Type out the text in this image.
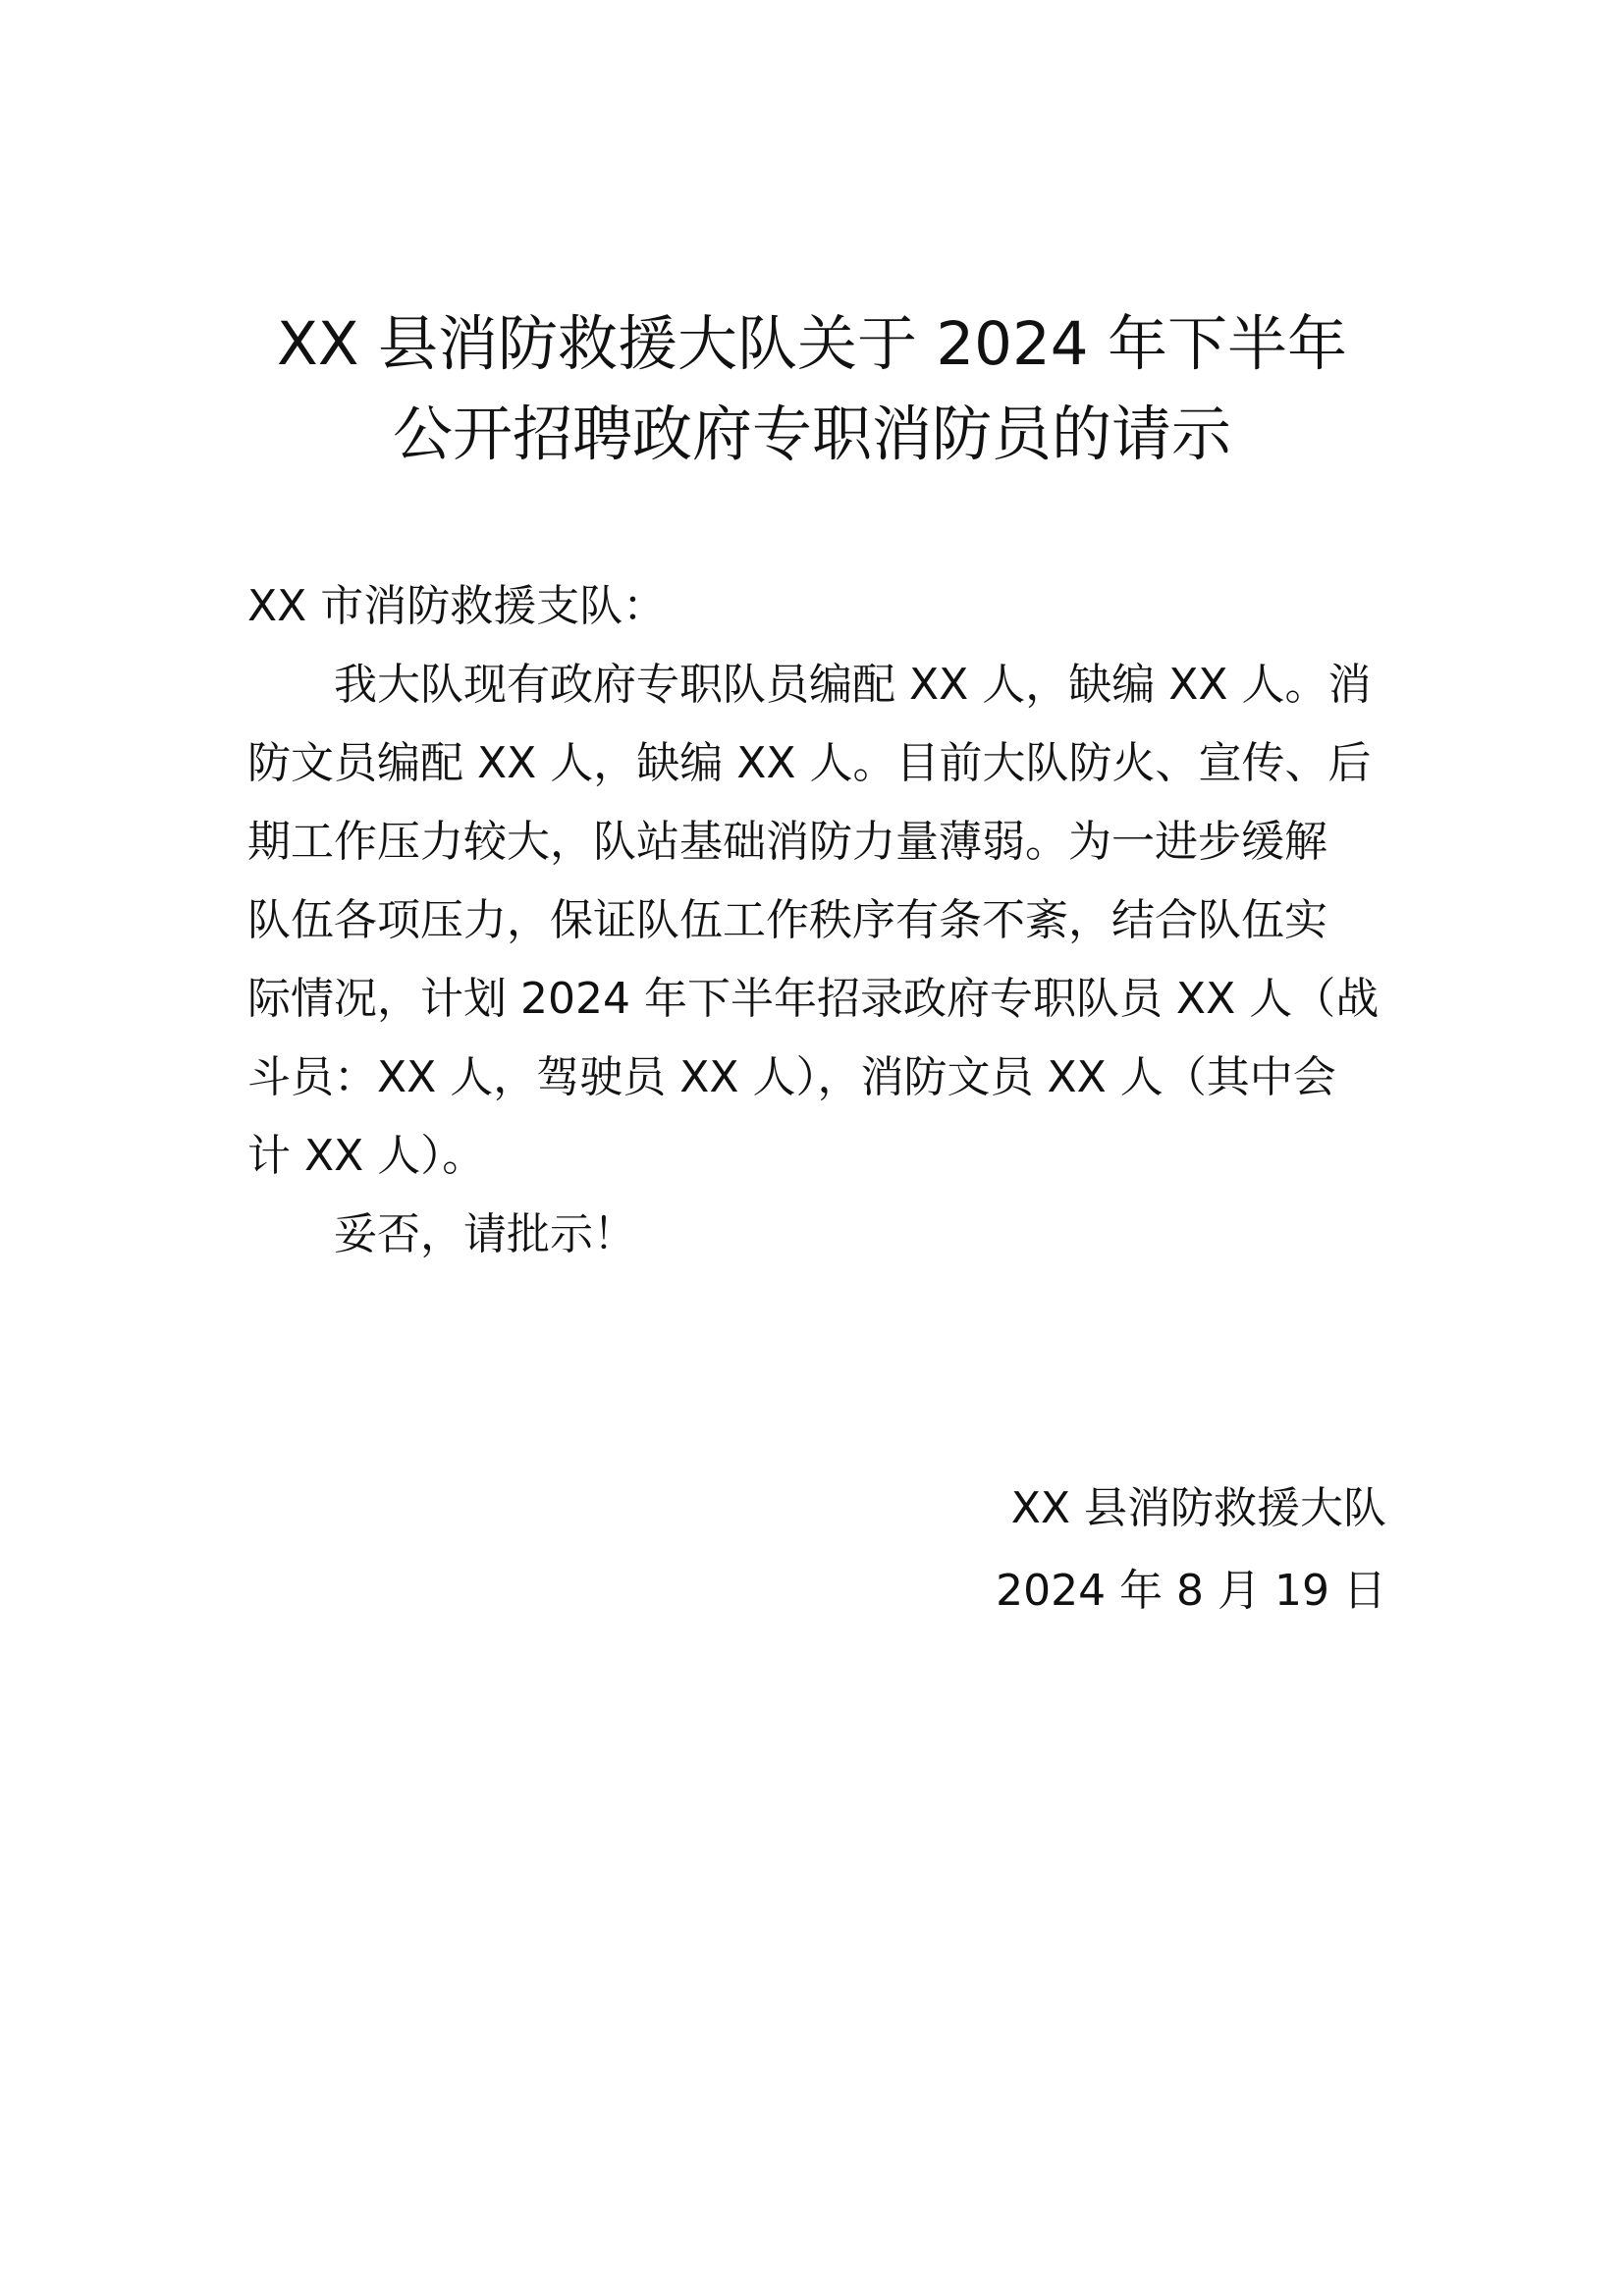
XX 县消防救援大队关于 2024 年下半年
公开招聘政府专职消防员的请示
XX 市消防救援支队：
我大队现有政府专职队员编配 XX 人，缺编 XX 人。消
防文员编配 XX 人，缺编 XX 人。目前大队防火、宣传、后
期工作压力较大，队站基础消防力量薄弱。为一进步缓解
队伍各项压力，保证队伍工作秩序有条不紊，结合队伍实
际情况，计划 2024 年下半年招录政府专职队员 XX 人（战
斗员：XX 人，驾驶员 XX 人），消防文员 XX 人（其中会
计 XX 人）。
妥否，请批示！
XX 县消防救援大队
2024 年 8 月 19 日
